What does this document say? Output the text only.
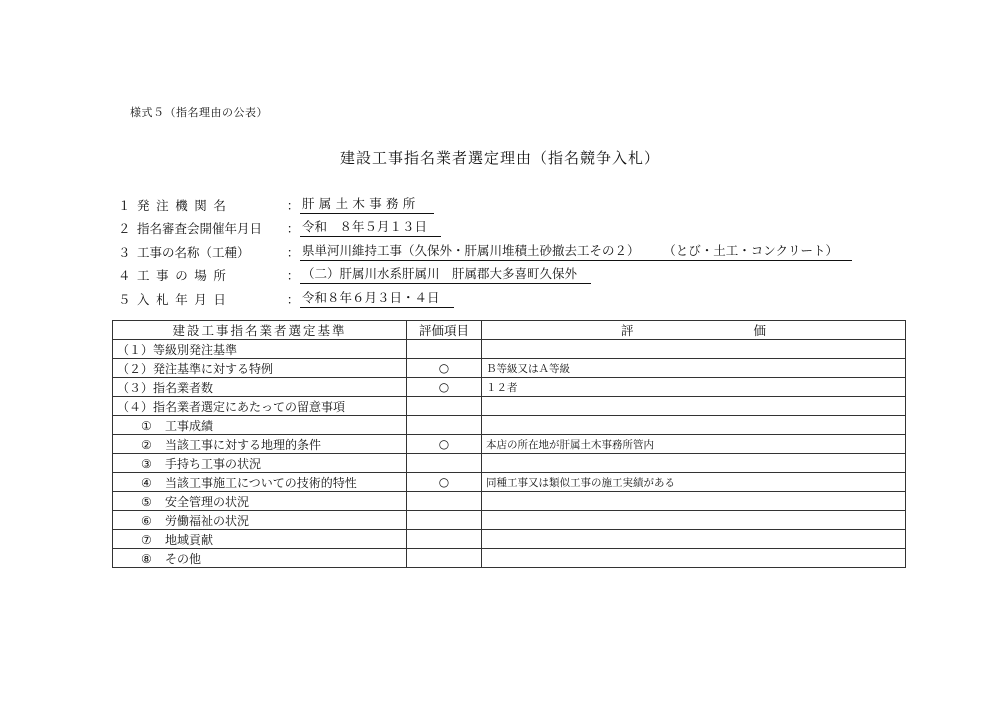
様式５（指名理由の公表）
建設工事指名業者選定理由（指名競争入札）
１ 発注機関名	： 肝属土木事務所
２ 指名審査会開催年月日	： 令和　８年５月１３日
３ 工事の名称（工種）	： 県単河川維持工事（久保外・肝属川堆積土砂撤去工その２） （とび・土工・コンクリート）
４ 工事の場所	： （二）肝属川水系肝属川　肝属郡大多喜町久保外
５ 入札年月日	： 令和８年６月３日・４日
建設工事指名業者選定基準	評価項目	評 価
（１）等級別発注基準		
（２）発注基準に対する特例	○	Ｂ等級又はＡ等級
（３）指名業者数	○	１２者
（４）指名業者選定にあたっての留意事項		
① 工事成績		
② 当該工事に対する地理的条件	○	本店の所在地が肝属土木事務所管内
③ 手持ち工事の状況		
④ 当該工事施工についての技術的特性	○	同種工事又は類似工事の施工実績がある
⑤ 安全管理の状況		
⑥ 労働福祉の状況		
⑦ 地域貢献		
⑧ その他		
